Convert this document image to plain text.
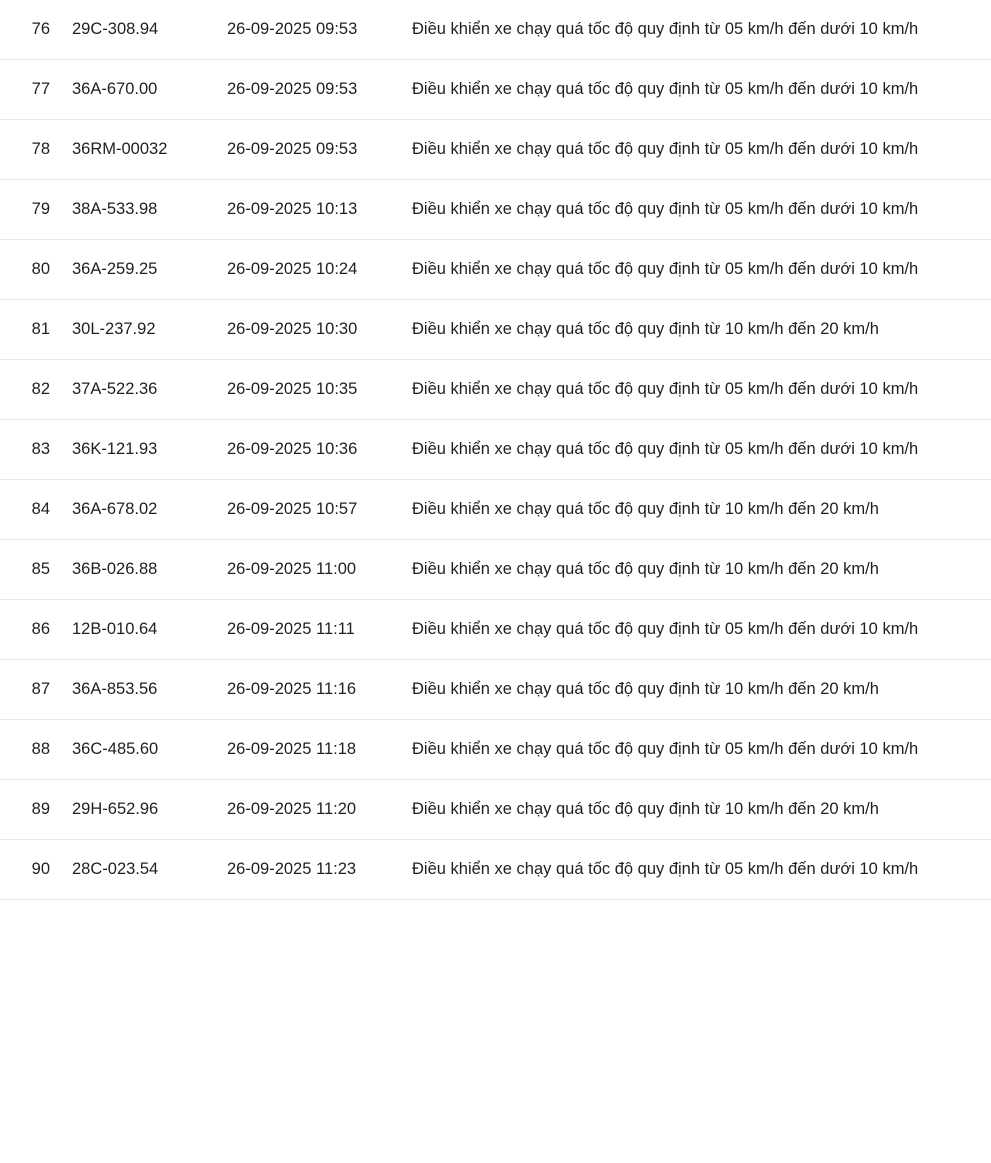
76	29C-308.94	26-09-2025 09:53	Điều khiển xe chạy quá tốc độ quy định từ 05 km/h đến dưới 10 km/h
77	36A-670.00	26-09-2025 09:53	Điều khiển xe chạy quá tốc độ quy định từ 05 km/h đến dưới 10 km/h
78	36RM-00032	26-09-2025 09:53	Điều khiển xe chạy quá tốc độ quy định từ 05 km/h đến dưới 10 km/h
79	38A-533.98	26-09-2025 10:13	Điều khiển xe chạy quá tốc độ quy định từ 05 km/h đến dưới 10 km/h
80	36A-259.25	26-09-2025 10:24	Điều khiển xe chạy quá tốc độ quy định từ 05 km/h đến dưới 10 km/h
81	30L-237.92	26-09-2025 10:30	Điều khiển xe chạy quá tốc độ quy định từ 10 km/h đến 20 km/h
82	37A-522.36	26-09-2025 10:35	Điều khiển xe chạy quá tốc độ quy định từ 05 km/h đến dưới 10 km/h
83	36K-121.93	26-09-2025 10:36	Điều khiển xe chạy quá tốc độ quy định từ 05 km/h đến dưới 10 km/h
84	36A-678.02	26-09-2025 10:57	Điều khiển xe chạy quá tốc độ quy định từ 10 km/h đến 20 km/h
85	36B-026.88	26-09-2025 11:00	Điều khiển xe chạy quá tốc độ quy định từ 10 km/h đến 20 km/h
86	12B-010.64	26-09-2025 11:11	Điều khiển xe chạy quá tốc độ quy định từ 05 km/h đến dưới 10 km/h
87	36A-853.56	26-09-2025 11:16	Điều khiển xe chạy quá tốc độ quy định từ 10 km/h đến 20 km/h
88	36C-485.60	26-09-2025 11:18	Điều khiển xe chạy quá tốc độ quy định từ 05 km/h đến dưới 10 km/h
89	29H-652.96	26-09-2025 11:20	Điều khiển xe chạy quá tốc độ quy định từ 10 km/h đến 20 km/h
90	28C-023.54	26-09-2025 11:23	Điều khiển xe chạy quá tốc độ quy định từ 05 km/h đến dưới 10 km/h
